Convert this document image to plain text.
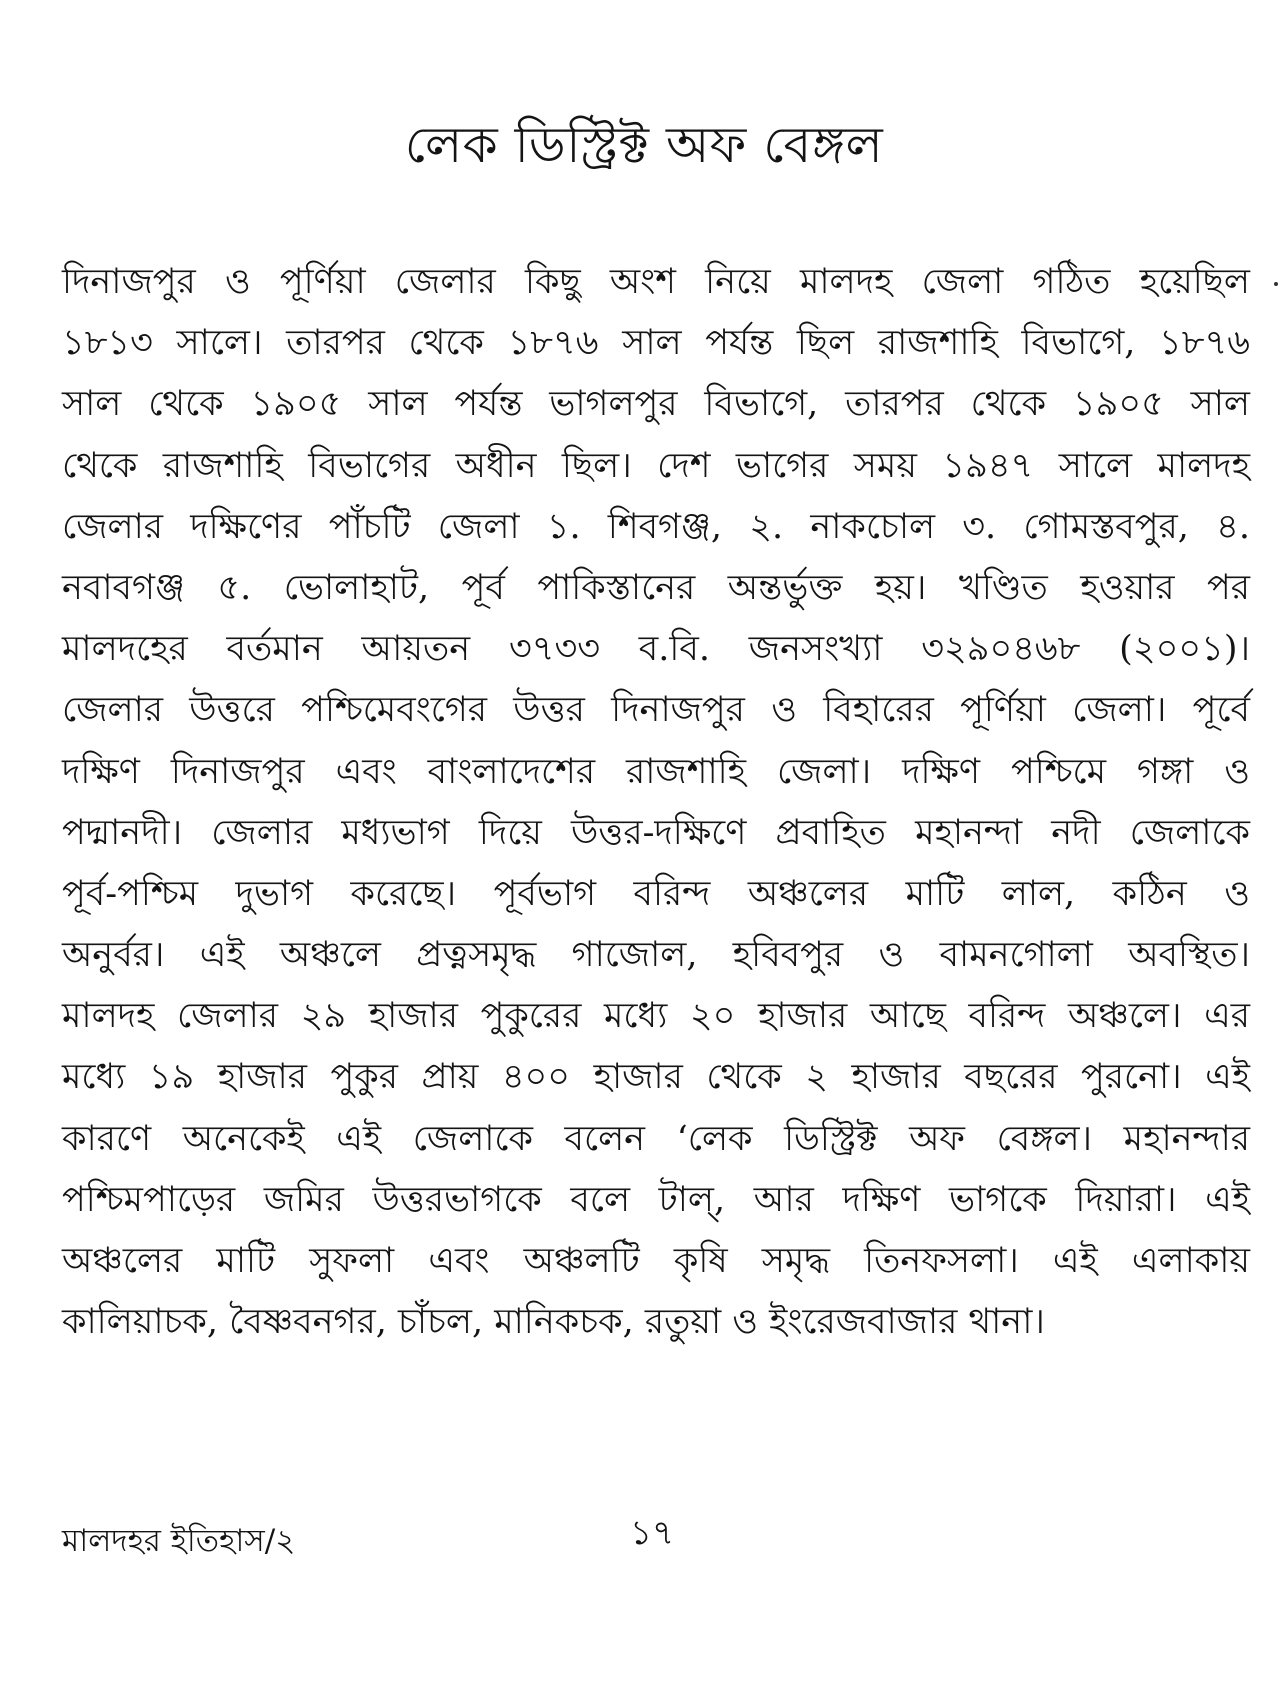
লেক ডিস্ট্রিক্ট অফ বেঙ্গল
দিনাজপুর ও পূর্ণিয়া জেলার কিছু অংশ নিয়ে মালদহ জেলা গঠিত হয়েছিল
১৮১৩ সালে। তারপর থেকে ১৮৭৬ সাল পর্যন্ত ছিল রাজশাহি বিভাগে, ১৮৭৬
সাল থেকে ১৯০৫ সাল পর্যন্ত ভাগলপুর বিভাগে, তারপর থেকে ১৯০৫ সাল
থেকে রাজশাহি বিভাগের অধীন ছিল। দেশ ভাগের সময় ১৯৪৭ সালে মালদহ
জেলার দক্ষিণের পাঁচটি জেলা ১. শিবগঞ্জ, ২. নাকচোল ৩. গোমস্তবপুর, ৪.
নবাবগঞ্জ ৫. ভোলাহাট, পূর্ব পাকিস্তানের অন্তর্ভুক্ত হয়। খণ্ডিত হওয়ার পর
মালদহের বর্তমান আয়তন ৩৭৩৩ ব.বি. জনসংখ্যা ৩২৯০৪৬৮ (২০০১)।
জেলার উত্তরে পশ্চিমেবংগের উত্তর দিনাজপুর ও বিহারের পূর্ণিয়া জেলা। পূর্বে
দক্ষিণ দিনাজপুর এবং বাংলাদেশের রাজশাহি জেলা। দক্ষিণ পশ্চিমে গঙ্গা ও
পদ্মানদী। জেলার মধ্যভাগ দিয়ে উত্তর-দক্ষিণে প্রবাহিত মহানন্দা নদী জেলাকে
পূর্ব-পশ্চিম দুভাগ করেছে। পূর্বভাগ বরিন্দ অঞ্চলের মাটি লাল, কঠিন ও
অনুর্বর। এই অঞ্চলে প্রত্নসমৃদ্ধ গাজোল, হবিবপুর ও বামনগোলা অবস্থিত।
মালদহ জেলার ২৯ হাজার পুকুরের মধ্যে ২০ হাজার আছে বরিন্দ অঞ্চলে। এর
মধ্যে ১৯ হাজার পুকুর প্রায় ৪০০ হাজার থেকে ২ হাজার বছরের পুরনো। এই
কারণে অনেকেই এই জেলাকে বলেন ‘লেক ডিস্ট্রিক্ট অফ বেঙ্গল। মহানন্দার
পশ্চিমপাড়ের জমির উত্তরভাগকে বলে টাল্, আর দক্ষিণ ভাগকে দিয়ারা। এই
অঞ্চলের মাটি সুফলা এবং অঞ্চলটি কৃষি সমৃদ্ধ তিনফসলা। এই এলাকায়
কালিয়াচক, বৈষ্ণবনগর, চাঁচল, মানিকচক, রতুয়া ও ইংরেজবাজার থানা।
মালদহর ইতিহাস/২	১৭
